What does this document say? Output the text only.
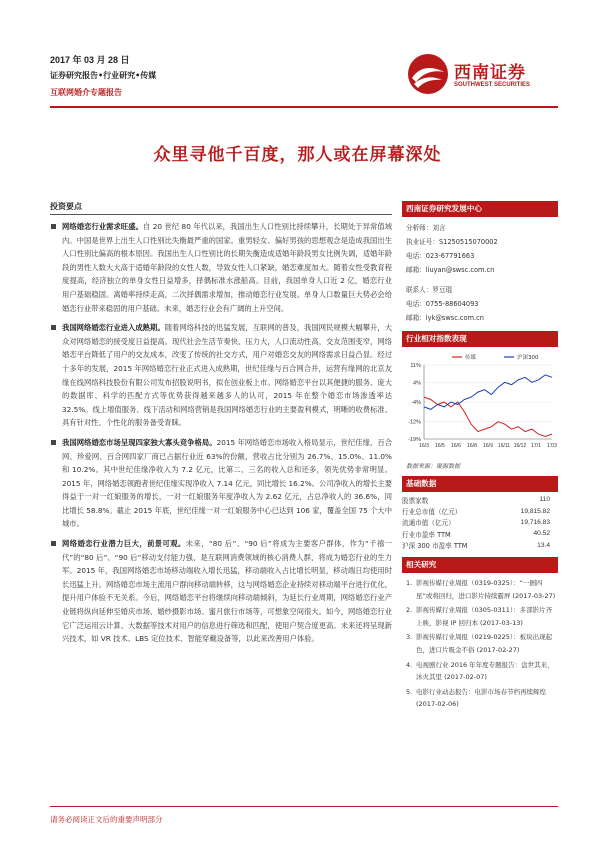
2017 年 03 月 28 日
证券研究报告•行业研究•传媒
互联网婚介专题报告
西南证券
SOUTHWEST SECURITIES
众里寻他千百度，那人或在屏幕深处
投资要点

网络婚恋行业需求旺盛。自 20 世纪 80 年代以来，我国出生人口性别比持续攀升，长期处于异常值域内。中国是世界上出生人口性别比失衡最严重的国家。重男轻女、偏好男孩的思想观念是造成我国出生人口性别比偏高的根本原因。我国出生人口性别比的长期失衡造成适婚年龄段男女比例失调，适婚年龄段的男性人数大大高于适婚年龄段的女性人数，导致女性人口紧缺，婚恋难度加大。随着女性受教育程度提高，经济独立的单身女性日益增多，择偶标准水涨船高。目前，我国单身人口近 2 亿，婚恋行业用户基础稳固。离婚率持续走高，二次择偶需求增加，推动婚恋行业发展。单身人口数量巨大势必会给婚恋行业带来稳固的用户基础。未来，婚恋行业会有广阔的上升空间。

我国网络婚恋行业进入成熟期。随着网络科技的迅猛发展，互联网的普及，我国网民规模大幅攀升，大众对网络婚恋的接受度日益提高。现代社会生活节奏快、压力大，人口流动性高，交友范围变窄，网络婚恋平台降低了用户的交友成本，改变了传统的社交方式，用户对婚恋交友的网络需求日益凸显。经过十多年的发展，2015 年网络婚恋行业正式进入成熟期，世纪佳缘与百合网合并，运营有缘网的北京友缘在线网络科技股份有限公司发布招股说明书，拟在创业板上市。网络婚恋平台以其便捷的服务、庞大的数据库、科学的匹配方式等优势获得越来越多人的认可，2015 年在整个婚恋市场渗透率达 32.5%。线上增值服务、线下活动和网络营销是我国网络婚恋行业的主要盈利模式，明晰的收费标准、具有针对性、个性化的服务备受青睐。

我国网络婚恋市场呈现四家独大寡头竞争格局。2015 年网络婚恋市场收入格局显示，世纪佳缘、百合网、珍爱网、百合网四家厂商已占据行业近 63%的份额，营收占比分别为 26.7%、15.0%、11.0%和 10.2%。其中世纪佳缘净收入为 7.2 亿元，比第二、三名的收入总和还多，领先优势非常明显。2015 年，网络婚恋领跑者世纪佳缘实现净收入 7.14 亿元，同比增长 16.2%。公司净收入的增长主要得益于一对一红娘服务的增长，一对一红娘服务年度净收入为 2.62 亿元，占总净收入的 36.6%，同比增长 58.8%。截止 2015 年底，世纪佳缘一对一红娘服务中心已达到 106 家，覆盖全国 75 个大中城市。

网络婚恋行业潜力巨大，前景可观。未来，“80 后”、“90 后”将成为主要客户群体，作为“千禧一代”的“80 后”、“90 后”移动支付能力强，是互联网消费领域的核心消费人群，将成为婚恋行业的生力军。2015 年，我国网络婚恋市场移动端收入增长迅猛，移动端收入占比增长明显，移动端日均使用时长迅猛上升。网络婚恋市场主流用户群向移动端转移，这与网络婚恋企业持续对移动端平台进行优化，提升用户体验不无关系。今后，网络婚恋平台将继续向移动端倾斜，为延长行业周期，网络婚恋行业产业链将纵向延伸至婚庆市场、婚纱摄影市场、蜜月旅行市场等，可想象空间很大。如今，网络婚恋行业它广泛运用云计算、大数据等技术对用户的信息进行筛选和匹配，使用户契合度更高。未来还将呈现新兴技术，如 VR 技术、LBS 定位技术、智能穿戴设备等，以此来改善用户体验。

西南证券研究发展中心
分析师：刘言
执业证号：S1250515070002
电话：023-67791663
邮箱：liuyan@swsc.com.cn
联系人：罗豆琨
电话：0755-88604093
邮箱：lyk@swsc.com.cn
行业相对指数表现
传媒	沪深300
11%
4%
-4%
-12%
-19%
16/3 16/5 16/6 16/8 16/9 16/11 16/12 17/1 17/3
数据来源：聚源数据
基础数据
股票家数	110
行业总市值（亿元）	19,815.82
流通市值（亿元）	19,716.83
行业市盈率 TTM	40.52
沪深 300 市盈率 TTM	13.4
相关研究
1. 影视传媒行业周报（0319-0325）：“一剧四星”或将回归，进口影片持续霸屏 (2017-03-27)
2. 影视传媒行业周报（0305-0311）：多部影片齐上映，影视 IP 回归本 (2017-03-13)
3. 影视传媒行业周报（0219-0225）：板块出现起色，进口片吸金不俗 (2017-02-27)
4. 电视剧行业 2016 年年度专题报告：盘世其来，沐火其里 (2017-02-07)
5. 电影行业动态报告：电影市场春节档再续辉煌 (2017-02-06)
请务必阅读正文后的重要声明部分
